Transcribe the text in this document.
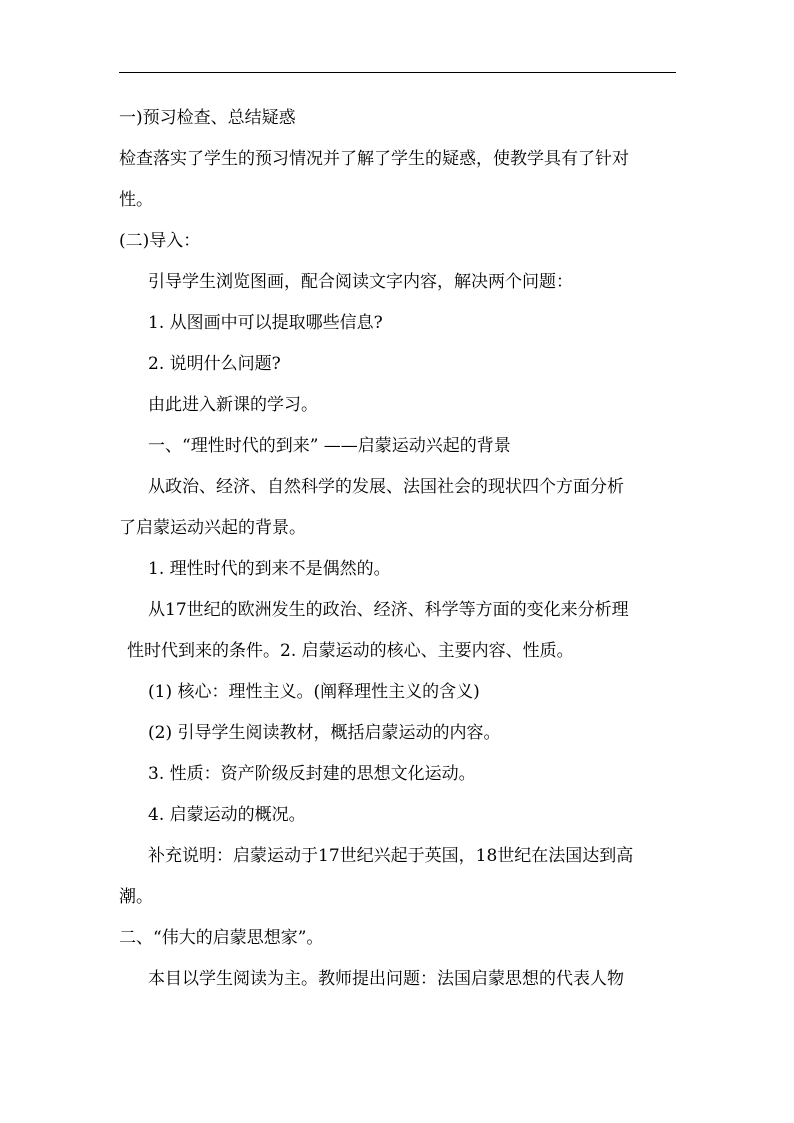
一)预习检查、总结疑惑
检查落实了学生的预习情况并了解了学生的疑惑，使教学具有了针对
性。
(二)导入：
引导学生浏览图画，配合阅读文字内容，解决两个问题：
1. 从图画中可以提取哪些信息?
2. 说明什么问题?
由此进入新课的学习。
一、“理性时代的到来” ——启蒙运动兴起的背景
从政治、经济、自然科学的发展、法国社会的现状四个方面分析
了启蒙运动兴起的背景。
1. 理性时代的到来不是偶然的。
从17世纪的欧洲发生的政治、经济、科学等方面的变化来分析理
性时代到来的条件。2. 启蒙运动的核心、主要内容、性质。
(1) 核心：理性主义。(阐释理性主义的含义)
(2) 引导学生阅读教材，概括启蒙运动的内容。
3. 性质：资产阶级反封建的思想文化运动。
4. 启蒙运动的概况。
补充说明：启蒙运动于17世纪兴起于英国，18世纪在法国达到高
潮。
二、“伟大的启蒙思想家”。
本目以学生阅读为主。教师提出问题：法国启蒙思想的代表人物
